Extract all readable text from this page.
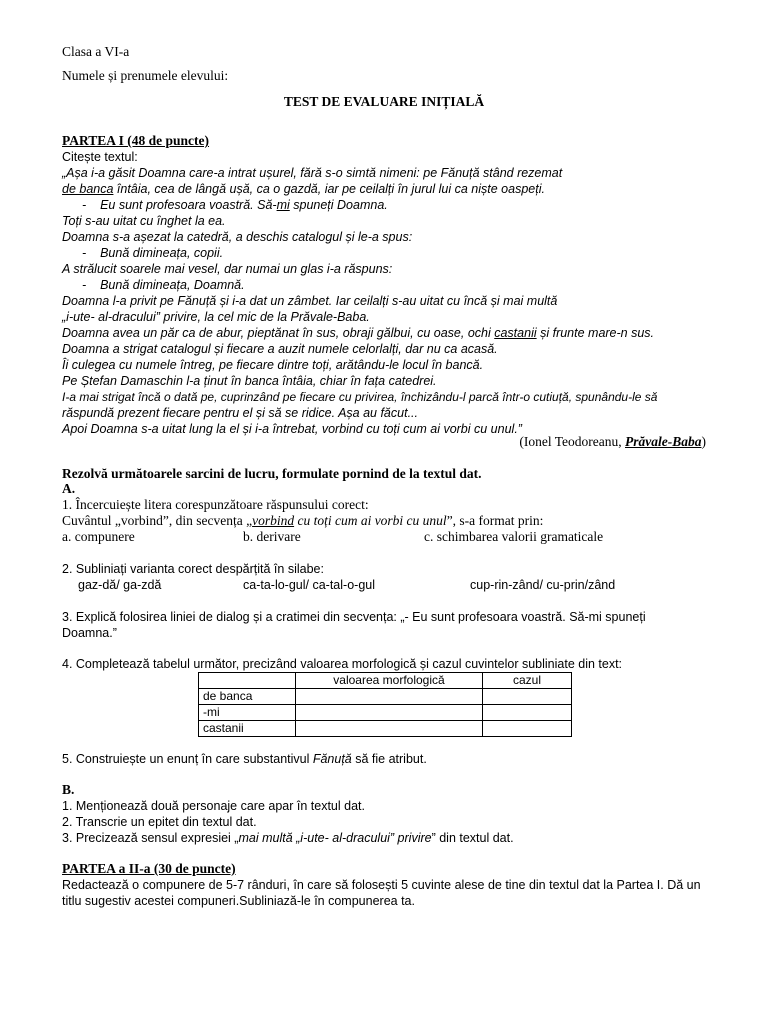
Clasa a VI-a
Numele și prenumele elevului:
TEST DE EVALUARE INIȚIALĂ
PARTEA I (48 de puncte)
Citește textul:
„Așa i-a găsit Doamna care-a intrat ușurel, fără s-o simtă nimeni: pe Fănuță stând rezemat
de banca întâia, cea de lângă ușă, ca o gazdă, iar pe ceilalți în jurul lui ca niște oaspeți.
- Eu sunt profesoara voastră. Să-mi spuneți Doamna.
Toți s-au uitat cu înghet la ea.
Doamna s-a așezat la catedră, a deschis catalogul și le-a spus:
- Bună dimineața, copii.
A strălucit soarele mai vesel, dar numai un glas i-a răspuns:
- Bună dimineața, Doamnă.
Doamna l-a privit pe Fănuță și i-a dat un zâmbet. Iar ceilalți s-au uitat cu încă și mai multă
„i-ute- al-dracului” privire, la cel mic de la Prăvale-Baba.
Doamna avea un păr ca de abur, pieptănat în sus, obraji gălbui, cu oase, ochi castanii și frunte mare-n sus.
Doamna a strigat catalogul și fiecare a auzit numele celorlalți, dar nu ca acasă.
Îi culegea cu numele întreg, pe fiecare dintre toți, arătându-le locul în bancă.
Pe Ștefan Damaschin l-a ținut în banca întâia, chiar în fața catedrei.
I-a mai strigat încă o dată pe, cuprinzând pe fiecare cu privirea, închizându-l parcă într-o cutiuță, spunându-le să
răspundă prezent fiecare pentru el și să se ridice. Așa au făcut...
Apoi Doamna s-a uitat lung la el și i-a întrebat, vorbind cu toți cum ai vorbi cu unul.”
(Ionel Teodoreanu, Prăvale-Baba)
Rezolvă următoarele sarcini de lucru, formulate pornind de la textul dat.
A.
1. Încercuiește litera corespunzătoare răspunsului corect:
Cuvântul „vorbind”, din secvența „vorbind cu toți cum ai vorbi cu unul”, s-a format prin:
a. compunere	b. derivare	c. schimbarea valorii gramaticale
2. Subliniați varianta corect despărțită în silabe:
gaz-dă/ ga-zdă	ca-ta-lo-gul/ ca-tal-o-gul	cup-rin-zând/ cu-prin/zând
3. Explică folosirea liniei de dialog și a cratimei din secvența: „- Eu sunt profesoara voastră. Să-mi spuneți
Doamna.”
4. Completează tabelul următor, precizând valoarea morfologică și cazul cuvintelor subliniate din text:
	valoarea morfologică	cazul
de banca		
-mi		
castanii		
5. Construiește un enunț în care substantivul Fănuță să fie atribut.
B.
1. Menționează două personaje care apar în textul dat.
2. Transcrie un epitet din textul dat.
3. Precizează sensul expresiei „mai multă „i-ute- al-dracului” privire” din textul dat.
PARTEA a II-a (30 de puncte)
Redactează o compunere de 5-7 rânduri, în care să folosești 5 cuvinte alese de tine din textul dat la Partea I. Dă un
titlu sugestiv acestei compuneri.Subliniază-le în compunerea ta.
